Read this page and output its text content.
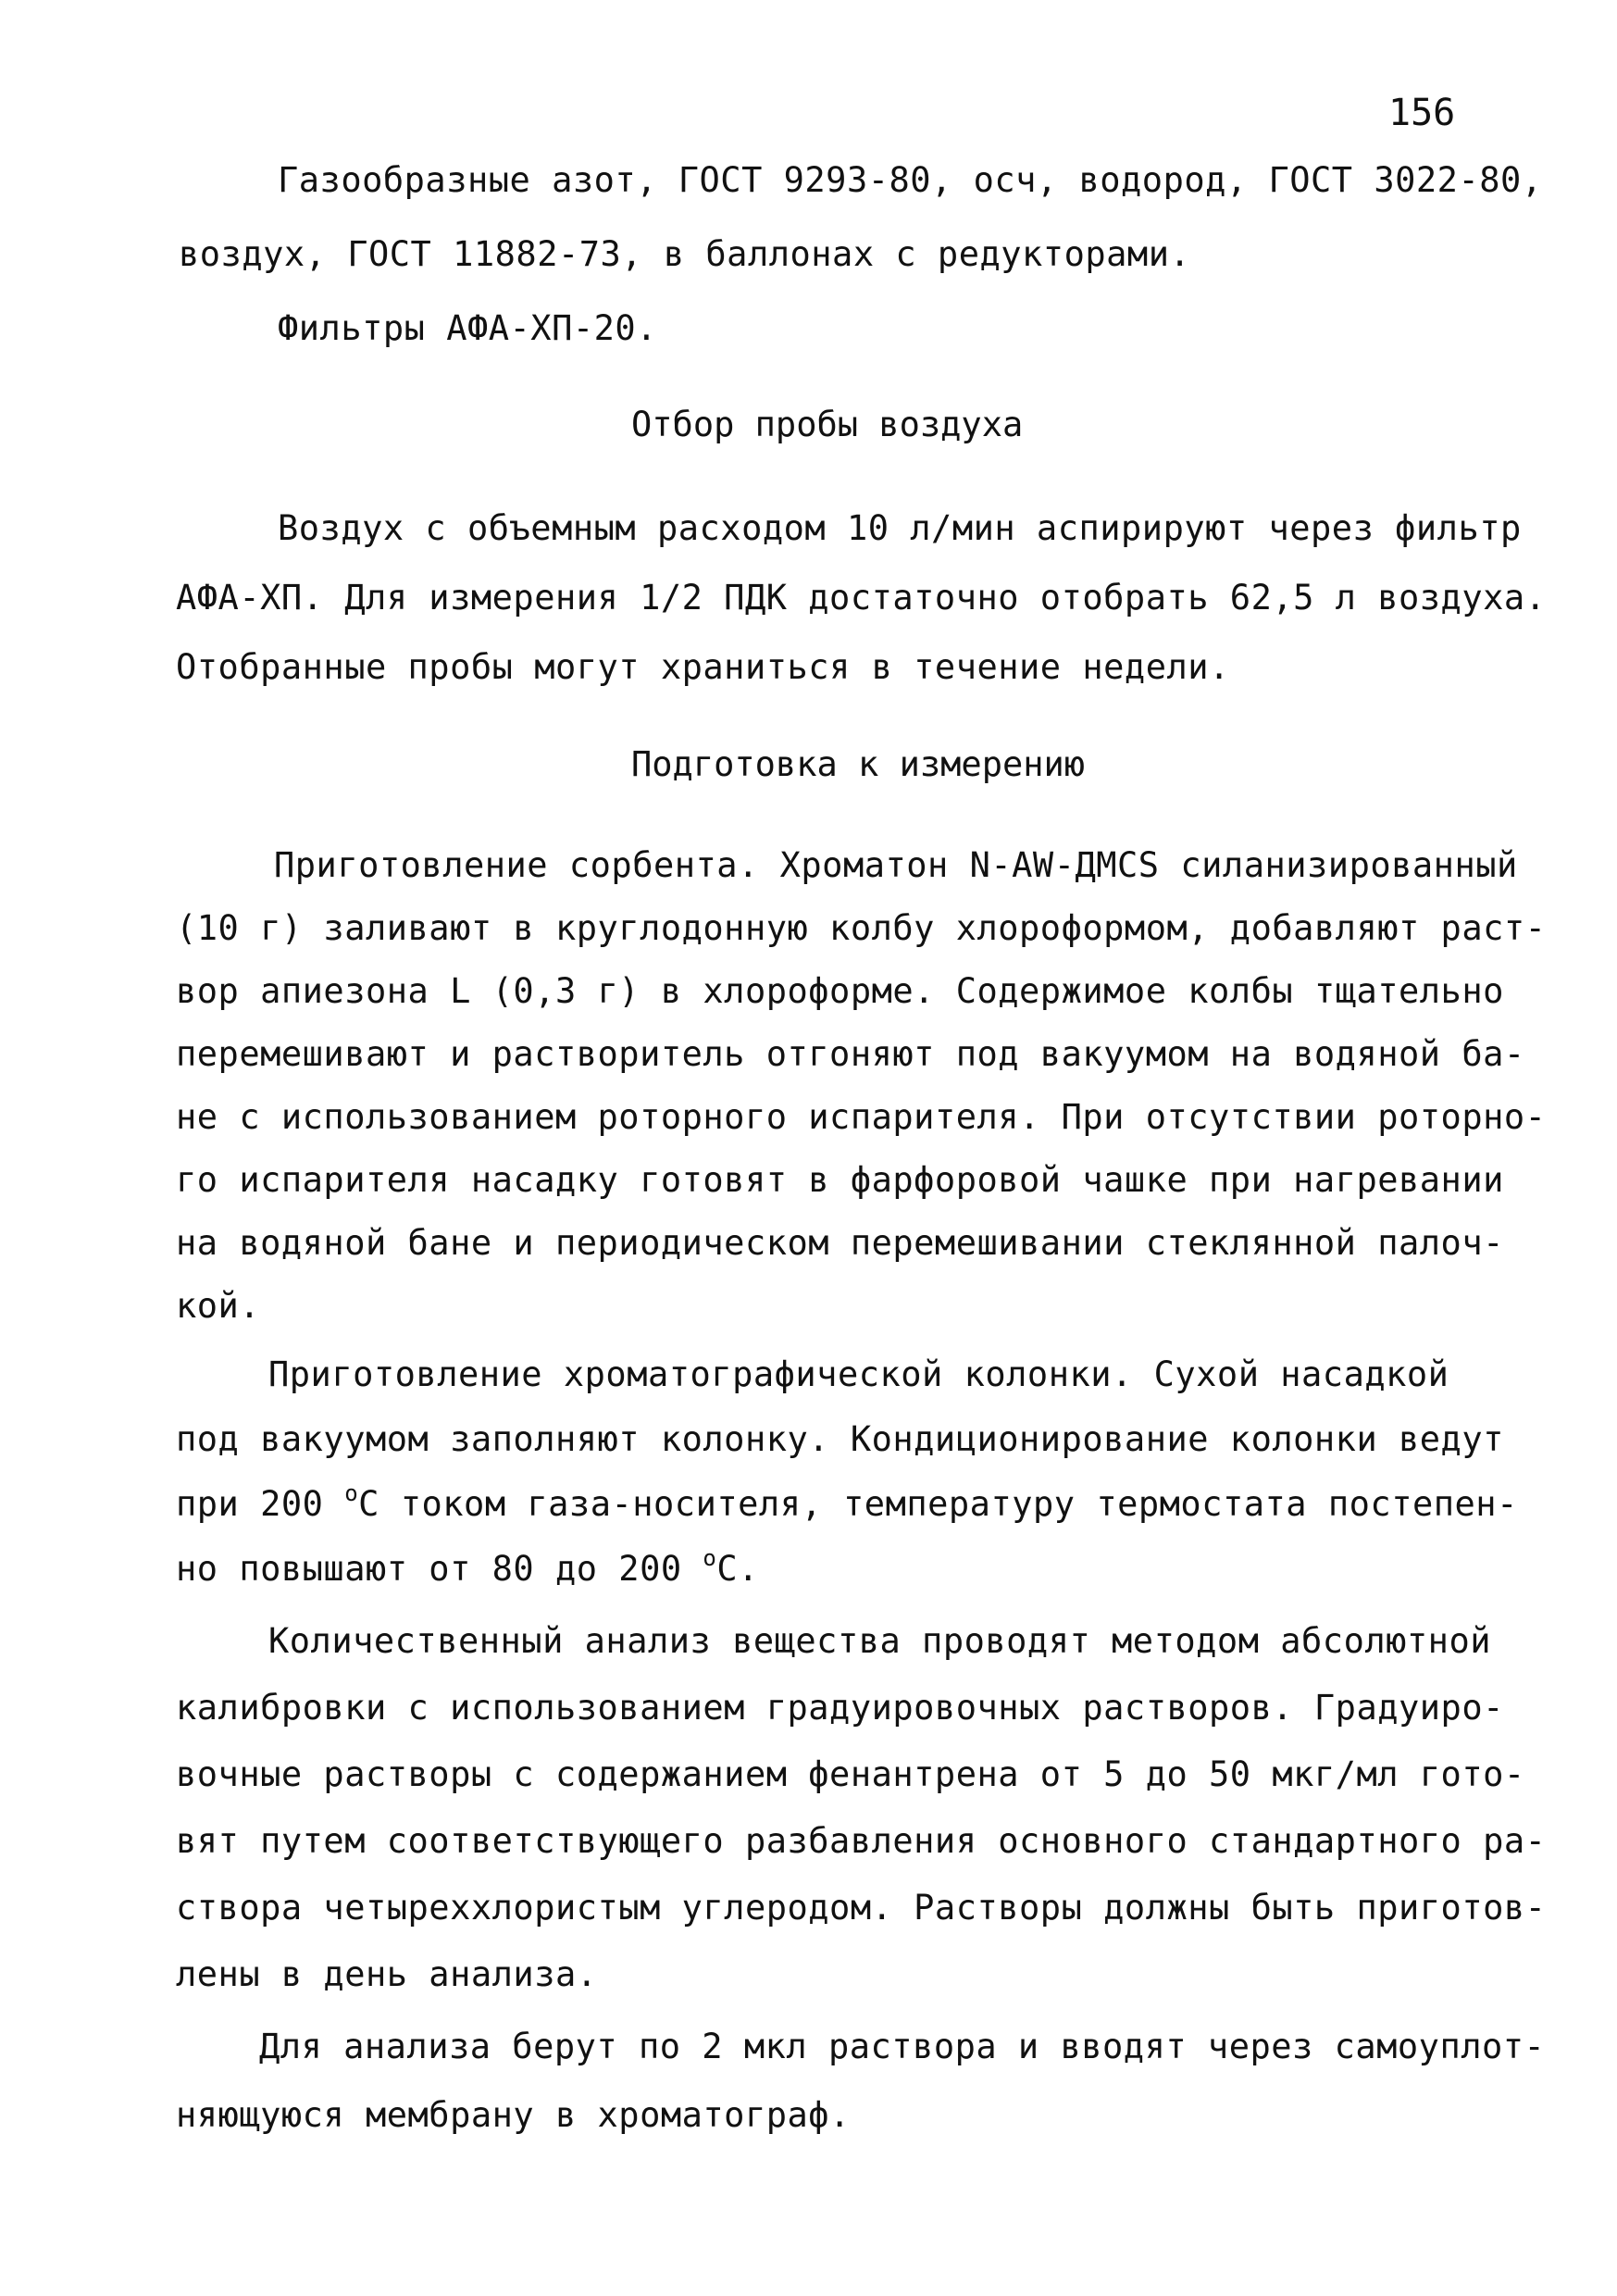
156
Газообразные азот, ГОСТ 9293-80, осч, водород, ГОСТ 3022-80,
воздух, ГОСТ 11882-73, в баллонах с редукторами.
Фильтры АФА-ХП-20.
Отбор пробы воздуха
Воздух с объемным расходом 10 л/мин аспирируют через фильтр
АФА-ХП. Для измерения 1/2 ПДК достаточно отобрать 62,5 л воздуха.
Отобранные пробы могут храниться в течение недели.
Подготовка к измерению
Приготовление сорбента. Хроматон N-AW-ДМСS силанизированный
(10 г) заливают в круглодонную колбу хлороформом, добавляют раст-
вор апиезона L (0,3 г) в хлороформе. Содержимое колбы тщательно
перемешивают и растворитель отгоняют под вакуумом на водяной ба-
не с использованием роторного испарителя. При отсутствии роторно-
го испарителя насадку готовят в фарфоровой чашке при нагревании
на водяной бане и периодическом перемешивании стеклянной палоч-
кой.
Приготовление хроматографической колонки. Сухой насадкой
под вакуумом заполняют колонку. Кондиционирование колонки ведут
при 200 $^о$С током газа-носителя, температуру термостата постепен-
но повышают от 80 до 200 $^о$С.
Количественный анализ вещества проводят методом абсолютной
калибровки с использованием градуировочных растворов. Градуиро-
вочные растворы с содержанием фенантрена от 5 до 50 мкг/мл гото-
вят путем соответствующего разбавления основного стандартного ра-
створа четыреххлористым углеродом. Растворы должны быть приготов-
лены в день анализа.
Для анализа берут по 2 мкл раствора и вводят через самоуплот-
няющуюся мембрану в хроматограф.
